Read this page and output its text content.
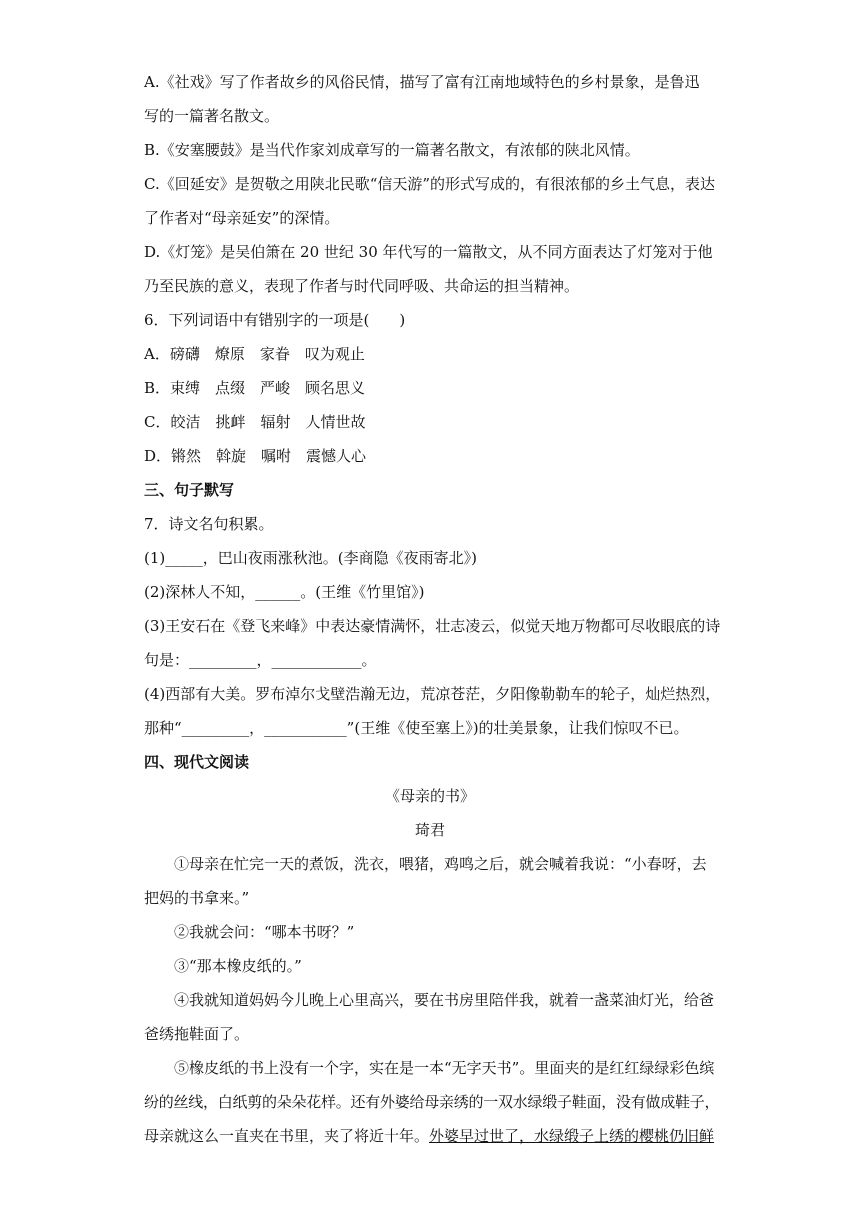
A.《社戏》写了作者故乡的风俗民情，描写了富有江南地域特色的乡村景象，是鲁迅
写的一篇著名散文。
B.《安塞腰鼓》是当代作家刘成章写的一篇著名散文，有浓郁的陕北风情。
C.《回延安》是贺敬之用陕北民歌“信天游”的形式写成的，有很浓郁的乡土气息，表达
了作者对“母亲延安”的深情。
D.《灯笼》是吴伯箫在 20 世纪 30 年代写的一篇散文，从不同方面表达了灯笼对于他
乃至民族的意义，表现了作者与时代同呼吸、共命运的担当精神。
6．下列词语中有错别字的一项是(　　)
A．磅礴　燎原　家眷　叹为观止
B．束缚　点缀　严峻　顾名思义
C．皎洁　挑衅　辐射　人情世故
D．锵然　斡旋　嘱咐　震憾人心
三、句子默写
7．诗文名句积累。
(1)_____，巴山夜雨涨秋池。(李商隐《夜雨寄北》)
(2)深林人不知，______。(王维《竹里馆》)
(3)王安石在《登飞来峰》中表达豪情满怀，壮志凌云，似觉天地万物都可尽收眼底的诗
句是：_________，____________。
(4)西部有大美。罗布淖尔戈壁浩瀚无边，荒凉苍茫，夕阳像勒勒车的轮子，灿烂热烈，
那种“_________，___________”(王维《使至塞上》)的壮美景象，让我们惊叹不已。
四、现代文阅读
《母亲的书》
琦君
①母亲在忙完一天的煮饭，洗衣，喂猪，鸡鸣之后，就会喊着我说：“小春呀，去
把妈的书拿来。”
②我就会问：“哪本书呀？”
③“那本橡皮纸的。”
④我就知道妈妈今儿晚上心里高兴，要在书房里陪伴我，就着一盏菜油灯光，给爸
爸绣拖鞋面了。
⑤橡皮纸的书上没有一个字，实在是一本“无字天书”。里面夹的是红红绿绿彩色缤
纷的丝线，白纸剪的朵朵花样。还有外婆给母亲绣的一双水绿缎子鞋面，没有做成鞋子，
母亲就这么一直夹在书里，夹了将近十年。外婆早过世了，水绿缎子上绣的樱桃仍旧鲜
